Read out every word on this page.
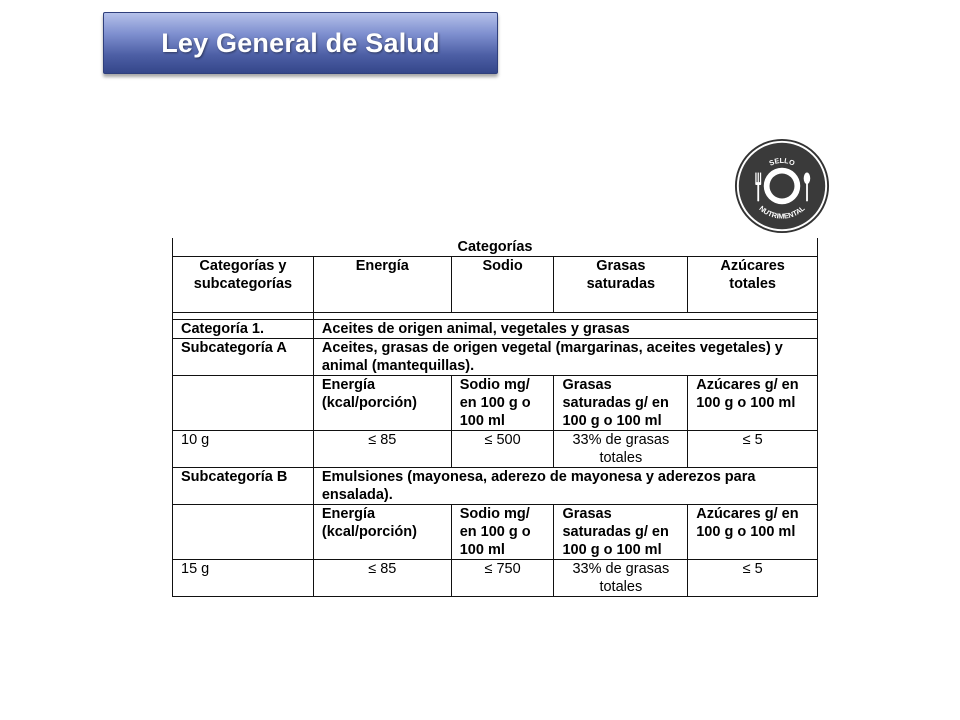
Ley General de Salud
SELLO
NUTRIMENTAL
Categorías				
Categorías y subcategorías	Energía	Sodio	Grasas saturadas	Azúcares totales

Categoría 1.	Aceites de origen animal, vegetales y grasas			
Subcategoría A	Aceites, grasas de origen vegetal (margarinas, aceites vegetales) y animal (mantequillas).			
	Energía (kcal/porción)	Sodio mg/ en 100 g o 100 ml	Grasas saturadas g/ en 100 g o 100 ml	Azúcares g/ en 100 g o 100 ml
10 g	≤ 85	≤ 500	33% de grasas totales	≤ 5
Subcategoría B	Emulsiones (mayonesa, aderezo de mayonesa y aderezos para ensalada).			
	Energía (kcal/porción)	Sodio mg/ en 100 g o 100 ml	Grasas saturadas g/ en 100 g o 100 ml	Azúcares g/ en 100 g o 100 ml
15 g	≤ 85	≤ 750	33% de grasas totales	≤ 5
